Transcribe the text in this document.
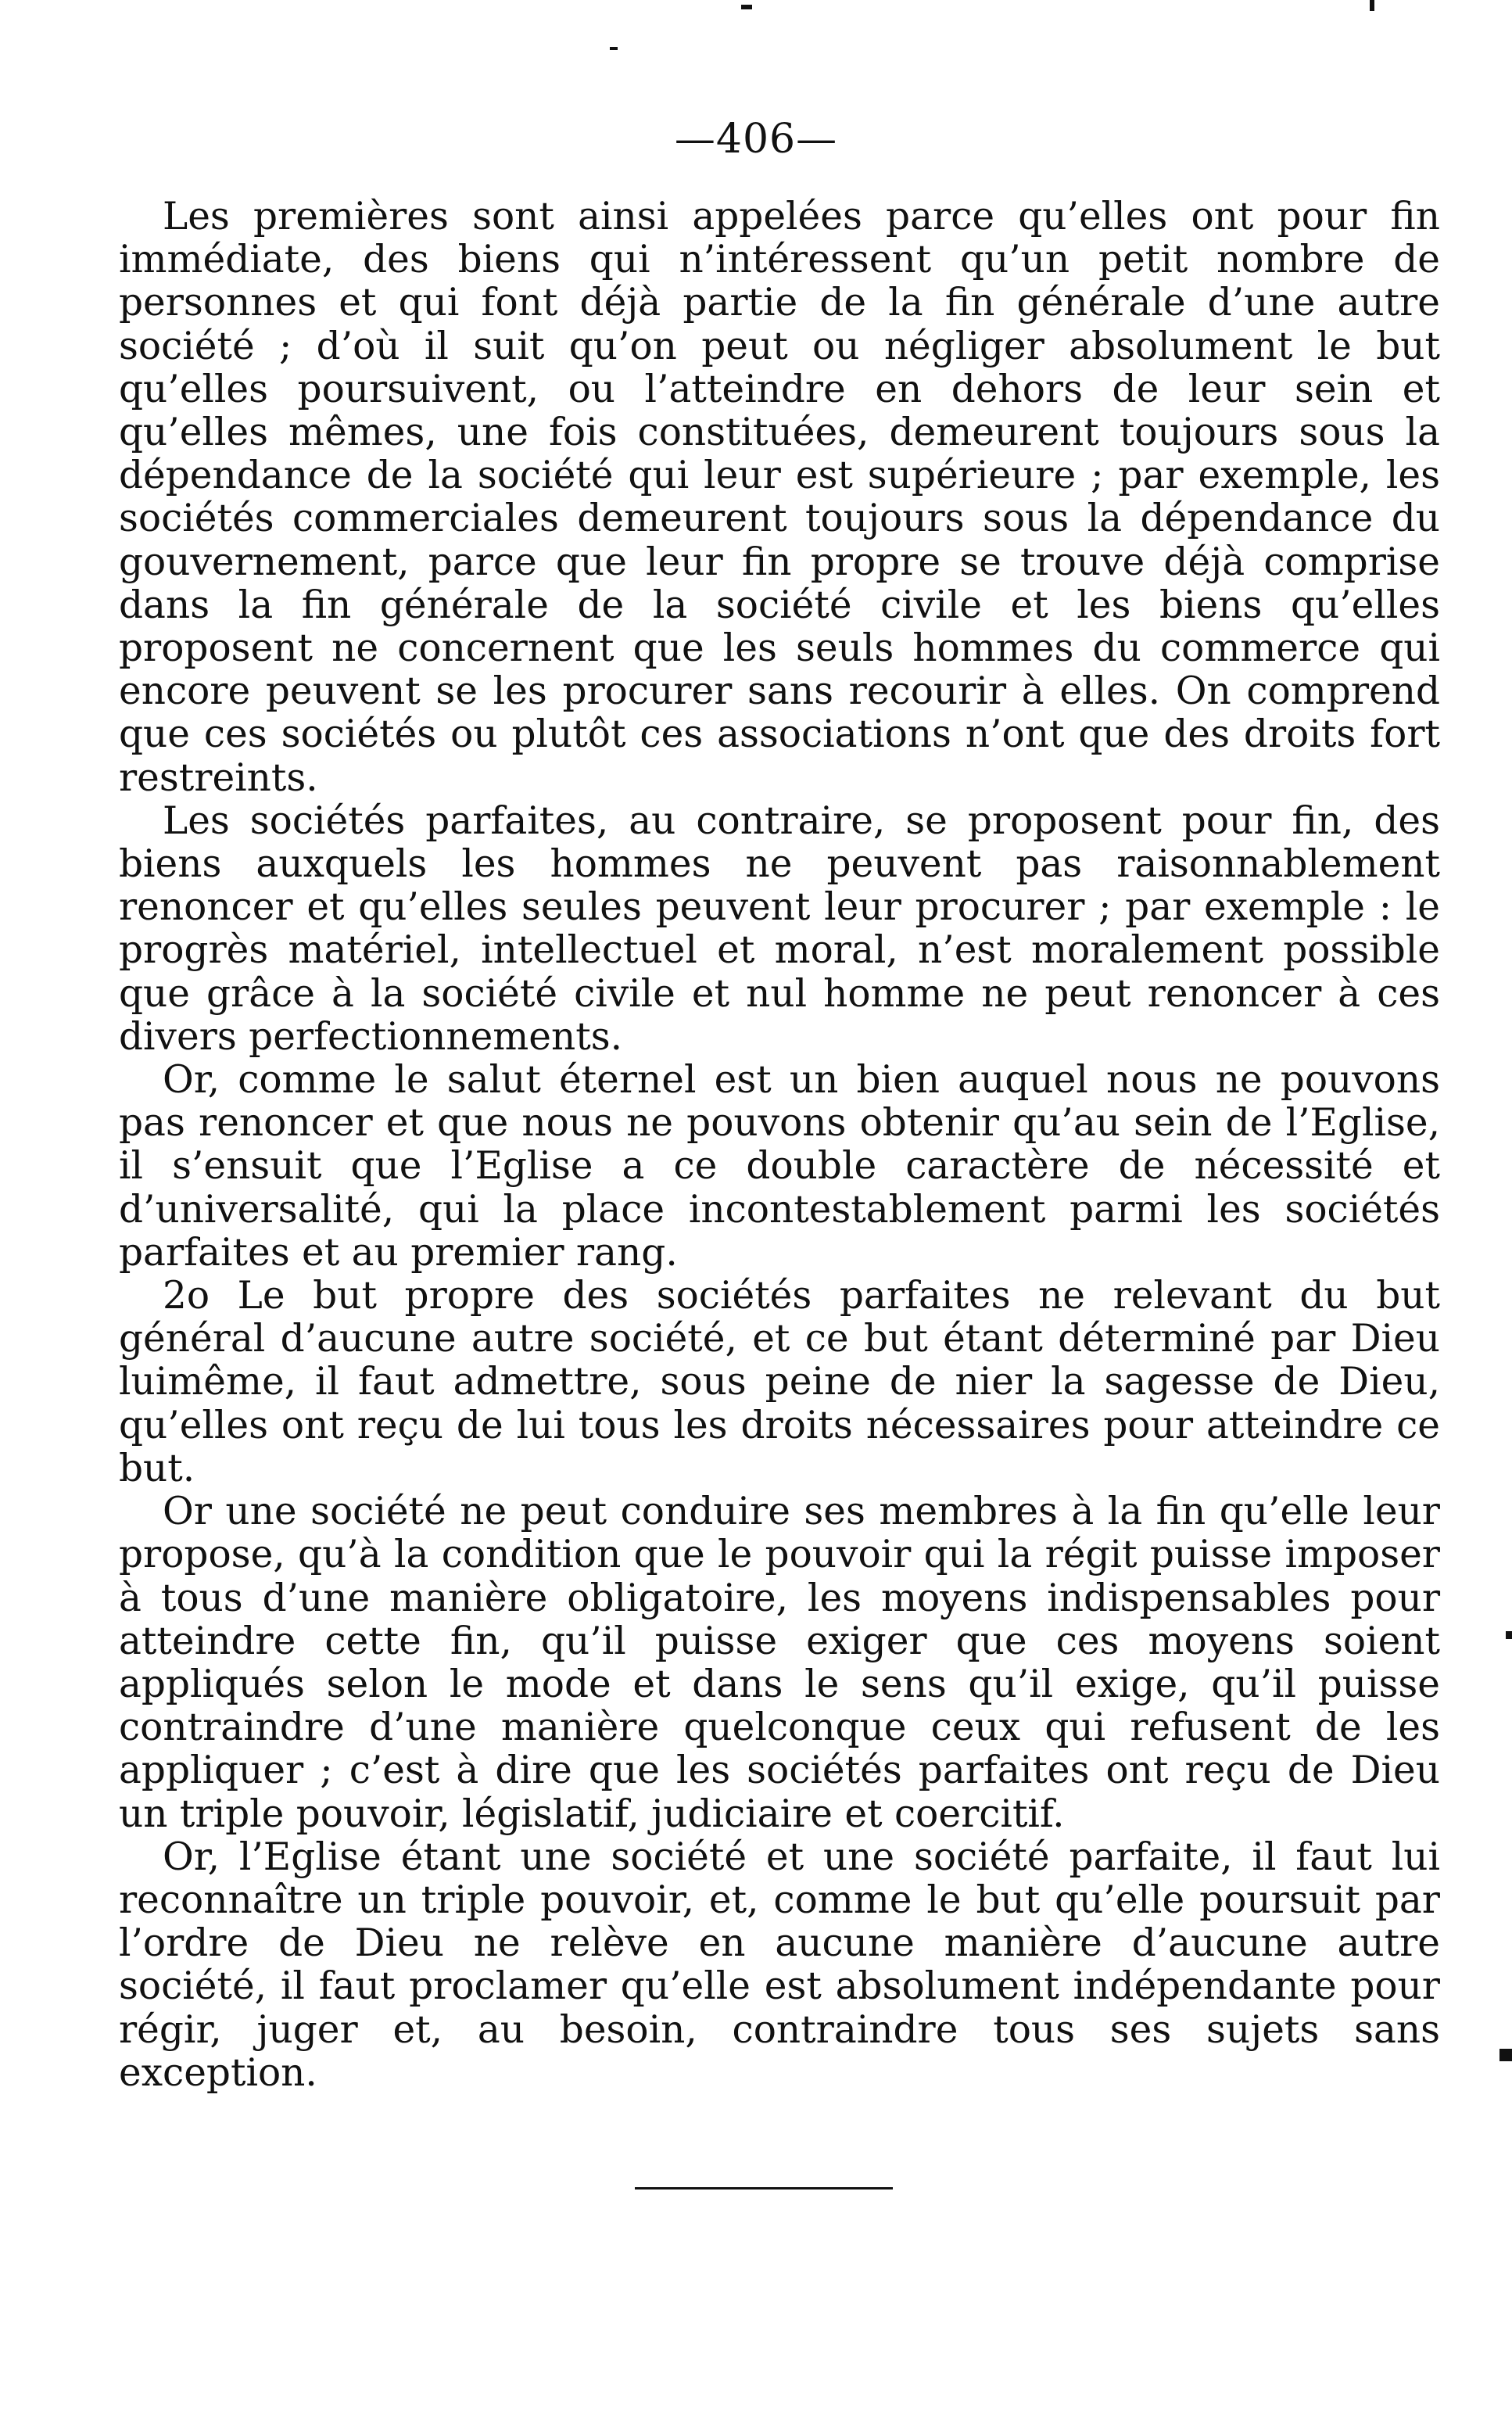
—406—

Les premières sont ainsi appelées parce qu’elles ont pour fin immédiate, des biens qui n’intéressent qu’un petit nombre de personnes et qui font déjà partie de la fin générale d’une autre société ; d’où il suit qu’on peut ou négliger absolument le but qu’elles poursuivent, ou l’atteindre en dehors de leur sein et qu’elles mêmes, une fois constituées, demeurent toujours sous la dépendance de la société qui leur est supérieure ; par exemple, les sociétés commerciales demeurent toujours sous la dépendance du gouvernement, parce que leur fin propre se trouve déjà comprise dans la fin générale de la société civile et les biens qu’elles proposent ne concernent que les seuls hommes du commerce qui encore peuvent se les procurer sans recourir à elles. On comprend que ces sociétés ou plutôt ces associations n’ont que des droits fort restreints.

Les sociétés parfaites, au contraire, se proposent pour fin, des biens auxquels les hommes ne peuvent pas raisonnablement renoncer et qu’elles seules peuvent leur procurer ; par exemple : le progrès matériel, intellectuel et moral, n’est moralement possible que grâce à la société civile et nul homme ne peut renoncer à ces divers perfectionnements.

Or, comme le salut éternel est un bien auquel nous ne pouvons pas renoncer et que nous ne pouvons obtenir qu’au sein de l’Eglise, il s’ensuit que l’Eglise a ce double caractère de nécessité et d’universalité, qui la place incontestablement parmi les sociétés parfaites et au premier rang.

2o Le but propre des sociétés parfaites ne relevant du but général d’aucune autre société, et ce but étant déterminé par Dieu luimême, il faut admettre, sous peine de nier la sagesse de Dieu, qu’elles ont reçu de lui tous les droits nécessaires pour atteindre ce but.

Or une société ne peut conduire ses membres à la fin qu’elle leur propose, qu’à la condition que le pouvoir qui la régit puisse imposer à tous d’une manière obligatoire, les moyens indispensables pour atteindre cette fin, qu’il puisse exiger que ces moyens soient appliqués selon le mode et dans le sens qu’il exige, qu’il puisse contraindre d’une manière quelconque ceux qui refusent de les appliquer ; c’est à dire que les sociétés parfaites ont reçu de Dieu un triple pouvoir, législatif, judiciaire et coercitif.

Or, l’Eglise étant une société et une société parfaite, il faut lui reconnaître un triple pouvoir, et, comme le but qu’elle poursuit par l’ordre de Dieu ne relève en aucune manière d’aucune autre société, il faut proclamer qu’elle est absolument indépendante pour régir, juger et, au besoin, contraindre tous ses sujets sans exception.
